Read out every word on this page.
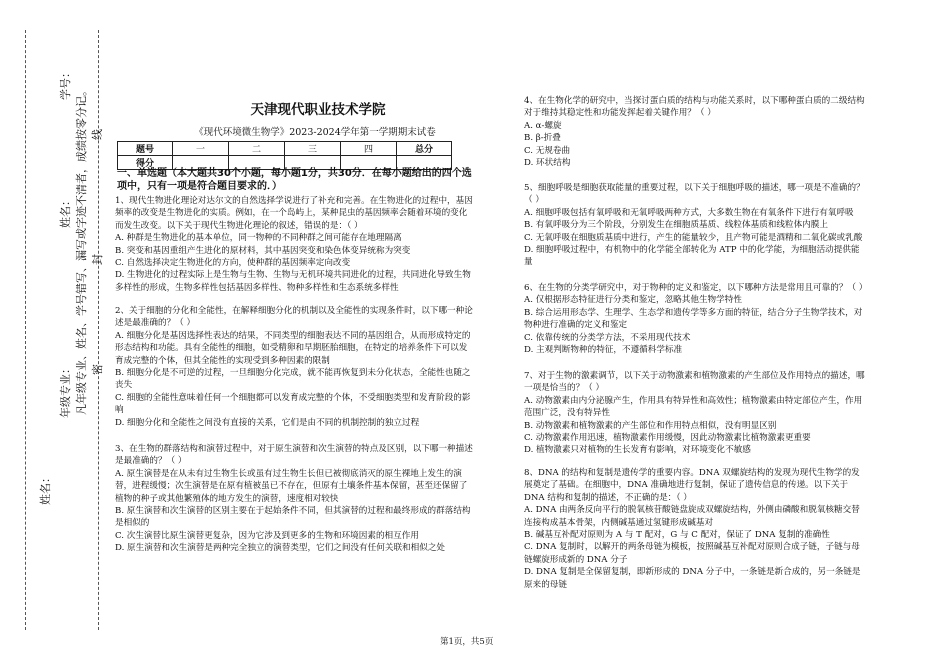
姓名：
年级专业： 凡年级专业、姓名、学号错写、漏写或字迹不清者，成绩按零分记。
姓名：
学号：
线
封
密
天津现代职业技术学院
《现代环境微生物学》2023-2024学年第一学期期末试卷
题号	一	二	三	四	总分
得分					
一、单选题（本大题共30个小题，每小题1分，共30分．在每小题给出的四个选项中，只有一项是符合题目要求的．）

1、现代生物进化理论对达尔文的自然选择学说进行了补充和完善。在生物进化的过程中，基因频率的改变是生物进化的实质。例如，在一个岛屿上，某种昆虫的基因频率会随着环境的变化而发生改变。以下关于现代生物进化理论的叙述，错误的是：（ ）

A. 种群是生物进化的基本单位，同一物种的不同种群之间可能存在地理隔离

B. 突变和基因重组产生进化的原材料，其中基因突变和染色体变异统称为突变

C. 自然选择决定生物进化的方向，使种群的基因频率定向改变

D. 生物进化的过程实际上是生物与生物、生物与无机环境共同进化的过程，共同进化导致生物多样性的形成，生物多样性包括基因多样性、物种多样性和生态系统多样性

2、关于细胞的分化和全能性，在解释细胞分化的机制以及全能性的实现条件时，以下哪一种论述是最准确的？（ ）

A. 细胞分化是基因选择性表达的结果，不同类型的细胞表达不同的基因组合，从而形成特定的形态结构和功能。具有全能性的细胞，如受精卵和早期胚胎细胞，在特定的培养条件下可以发育成完整的个体，但其全能性的实现受到多种因素的限制

B. 细胞分化是不可逆的过程，一旦细胞分化完成，就不能再恢复到未分化状态，全能性也随之丧失

C. 细胞的全能性意味着任何一个细胞都可以发育成完整的个体，不受细胞类型和发育阶段的影响

D. 细胞分化和全能性之间没有直接的关系，它们是由不同的机制控制的独立过程

3、在生物的群落结构和演替过程中，对于原生演替和次生演替的特点及区别，以下哪一种描述是最准确的？（ ）

A. 原生演替是在从未有过生物生长或虽有过生物生长但已被彻底消灭的原生裸地上发生的演替，进程缓慢；次生演替是在原有植被虽已不存在，但原有土壤条件基本保留，甚至还保留了植物的种子或其他繁殖体的地方发生的演替，速度相对较快

B. 原生演替和次生演替的区别主要在于起始条件不同，但其演替的过程和最终形成的群落结构是相似的

C. 次生演替比原生演替更复杂，因为它涉及到更多的生物和环境因素的相互作用

D. 原生演替和次生演替是两种完全独立的演替类型，它们之间没有任何关联和相似之处

4、在生物化学的研究中，当探讨蛋白质的结构与功能关系时，以下哪种蛋白质的二级结构对于维持其稳定性和功能发挥起着关键作用？（ ）

A. α-螺旋

B. β-折叠

C. 无规卷曲

D. 环状结构

5、细胞呼吸是细胞获取能量的重要过程，以下关于细胞呼吸的描述，哪一项是不准确的？（ ）

A. 细胞呼吸包括有氧呼吸和无氧呼吸两种方式，大多数生物在有氧条件下进行有氧呼吸

B. 有氧呼吸分为三个阶段，分别发生在细胞质基质、线粒体基质和线粒体内膜上

C. 无氧呼吸在细胞质基质中进行，产生的能量较少，且产物可能是酒精和二氧化碳或乳酸

D. 细胞呼吸过程中，有机物中的化学能全部转化为 ATP 中的化学能，为细胞活动提供能量

6、在生物的分类学研究中，对于物种的定义和鉴定，以下哪种方法是常用且可靠的？（ ）

A. 仅根据形态特征进行分类和鉴定，忽略其他生物学特性

B. 综合运用形态学、生理学、生态学和遗传学等多方面的特征，结合分子生物学技术，对物种进行准确的定义和鉴定

C. 依靠传统的分类学方法，不采用现代技术

D. 主观判断物种的特征，不遵循科学标准

7、对于生物的激素调节，以下关于动物激素和植物激素的产生部位及作用特点的描述，哪一项是恰当的？（ ）

A. 动物激素由内分泌腺产生，作用具有特异性和高效性；植物激素由特定部位产生，作用范围广泛，没有特异性

B. 动物激素和植物激素的产生部位和作用特点相似，没有明显区别

C. 动物激素作用迅速，植物激素作用缓慢，因此动物激素比植物激素更重要

D. 植物激素只对植物的生长发育有影响，对环境变化不敏感

8、DNA 的结构和复制是遗传学的重要内容。DNA 双螺旋结构的发现为现代生物学的发展奠定了基础。在细胞中，DNA 准确地进行复制，保证了遗传信息的传递。以下关于 DNA 结构和复制的描述，不正确的是：（ ）

A. DNA 由两条反向平行的脱氧核苷酸链盘旋成双螺旋结构，外侧由磷酸和脱氧核糖交替连接构成基本骨架，内侧碱基通过氢键形成碱基对

B. 碱基互补配对原则为 A 与 T 配对，G 与 C 配对，保证了 DNA 复制的准确性

C. DNA 复制时，以解开的两条母链为模板，按照碱基互补配对原则合成子链，子链与母链螺旋形成新的 DNA 分子

D. DNA 复制是全保留复制，即新形成的 DNA 分子中，一条链是新合成的，另一条链是原来的母链

第1页，共5页
